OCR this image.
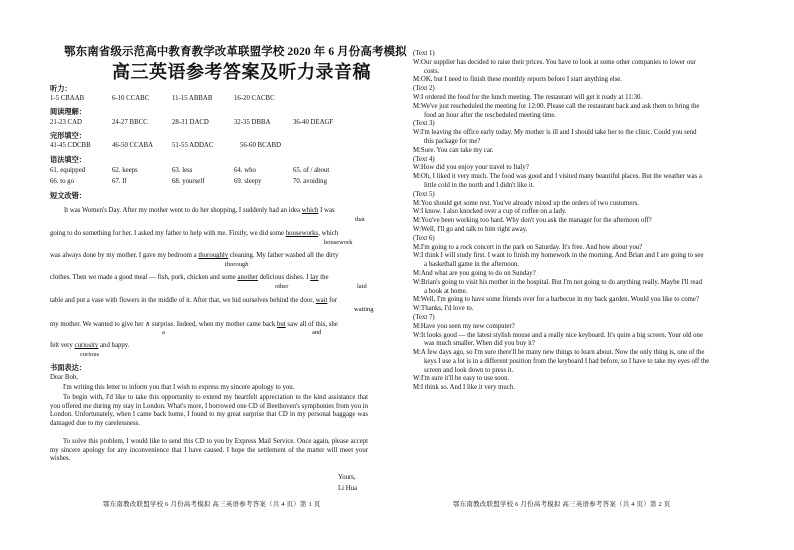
鄂东南省级示范高中教育教学改革联盟学校 2020 年 6 月份高考模拟
高三英语参考答案及听力录音稿
听力：
1-5 CBAAB	6-10 CCABC	11-15 ABBAB	16-20 CACBC
阅读理解：
21-23 CAD	24-27 BBCC	28-31 DACD	32-35 DBBA	36-40 DEAGF
完形填空：
41-45 CDCBB	46-50 CCABA	51-55 ADDAC	56-60 BCABD
语法填空：
61. equipped	62. keeps	63. less	64. who	65. of / about
66. to go	67. If	68. yourself	69. sleepy	70. avoiding
短文改错：
It was Women's Day. After my mother went to do her shopping, I suddenly had an idea which I was
that
going to do something for her. I asked my father to help with me. Firstly, we did some houseworks, which
housework
was always done by my mother. I gave my bedroom a thoroughly cleaning. My father washed all the dirty
thorough
clothes. Then we made a good meal — fish, pork, chicken and some another delicious dishes. I lay the
other	laid
table and put a vase with flowers in the middle of it. After that, we hid ourselves behind the door, wait for
waiting
my mother. We wanted to give her ∧ surprise. Indeed, when my mother came back but saw all of this, she
a	and
felt very curiosity and happy.
curious
书面表达：
Dear Bob,
I'm writing this letter to inform you that I wish to express my sincere apology to you.
To begin with, I'd like to take this opportunity to extend my heartfelt appreciation to the kind assistance that you offered me during my stay in London. What's more, I borrowed one CD of Beethoven's symphonies from you in London. Unfortunately, when I came back home, I found to my great surprise that CD in my personal baggage was damaged due to my carelessness.
To solve this problem, I would like to send this CD to you by Express Mail Service. Once again, please accept my sincere apology for any inconvenience that I have caused. I hope the settlement of the matter will meet your wishes.
Yours,
Li Hua
鄂东南教改联盟学校 6 月份高考模拟 高三英语参考答案（共 4 页）第 1 页
(Text 1)
W:Our supplier has decided to raise their prices. You have to look at some other companies to lower our
costs.
M:OK, but I need to finish these monthly reports before I start anything else.
(Text 2)
W:I ordered the food for the lunch meeting. The restaurant will get it ready at 11:30.
M:We've just rescheduled the meeting for 12:00. Please call the restaurant back and ask them to bring the
food an hour after the rescheduled meeting time.
(Text 3)
W:I'm leaving the office early today. My mother is ill and I should take her to the clinic. Could you send
this package for me?
M:Sure. You can take my car.
(Text 4)
W:How did you enjoy your travel to Italy?
M:Oh, I liked it very much. The food was good and I visited many beautiful places. But the weather was a
little cold in the north and I didn't like it.
(Text 5)
M:You should get some rest. You've already mixed up the orders of two customers.
W:I know. I also knocked over a cup of coffee on a lady.
M:You've been working too hard. Why don't you ask the manager for the afternoon off?
W:Well, I'll go and talk to him right away.
(Text 6)
M:I'm going to a rock concert in the park on Saturday. It's free. And how about you?
W:I think I will study first. I want to finish my homework in the morning. And Brian and I are going to see
a basketball game in the afternoon.
M:And what are you going to do on Sunday?
W:Brian's going to visit his mother in the hospital. But I'm not going to do anything really. Maybe I'll read
a book at home.
M:Well, I'm going to have some friends over for a barbecue in my back garden. Would you like to come?
W:Thanks, I'd love to.
(Text 7)
M:Have you seen my new computer?
W:It looks good — the latest stylish mouse and a really nice keyboard. It's quite a big screen. Your old one
was much smaller. When did you buy it?
M:A few days ago, so I'm sure there'll be many new things to learn about. Now the only thing is, one of the
keys I use a lot is in a different position from the keyboard I had before, so I have to take my eyes off the
screen and look down to press it.
W:I'm sure it'll be easy to use soon.
M:I think so. And I like it very much.
鄂东南教改联盟学校 6 月份高考模拟 高三英语参考答案（共 4 页）第 2 页
